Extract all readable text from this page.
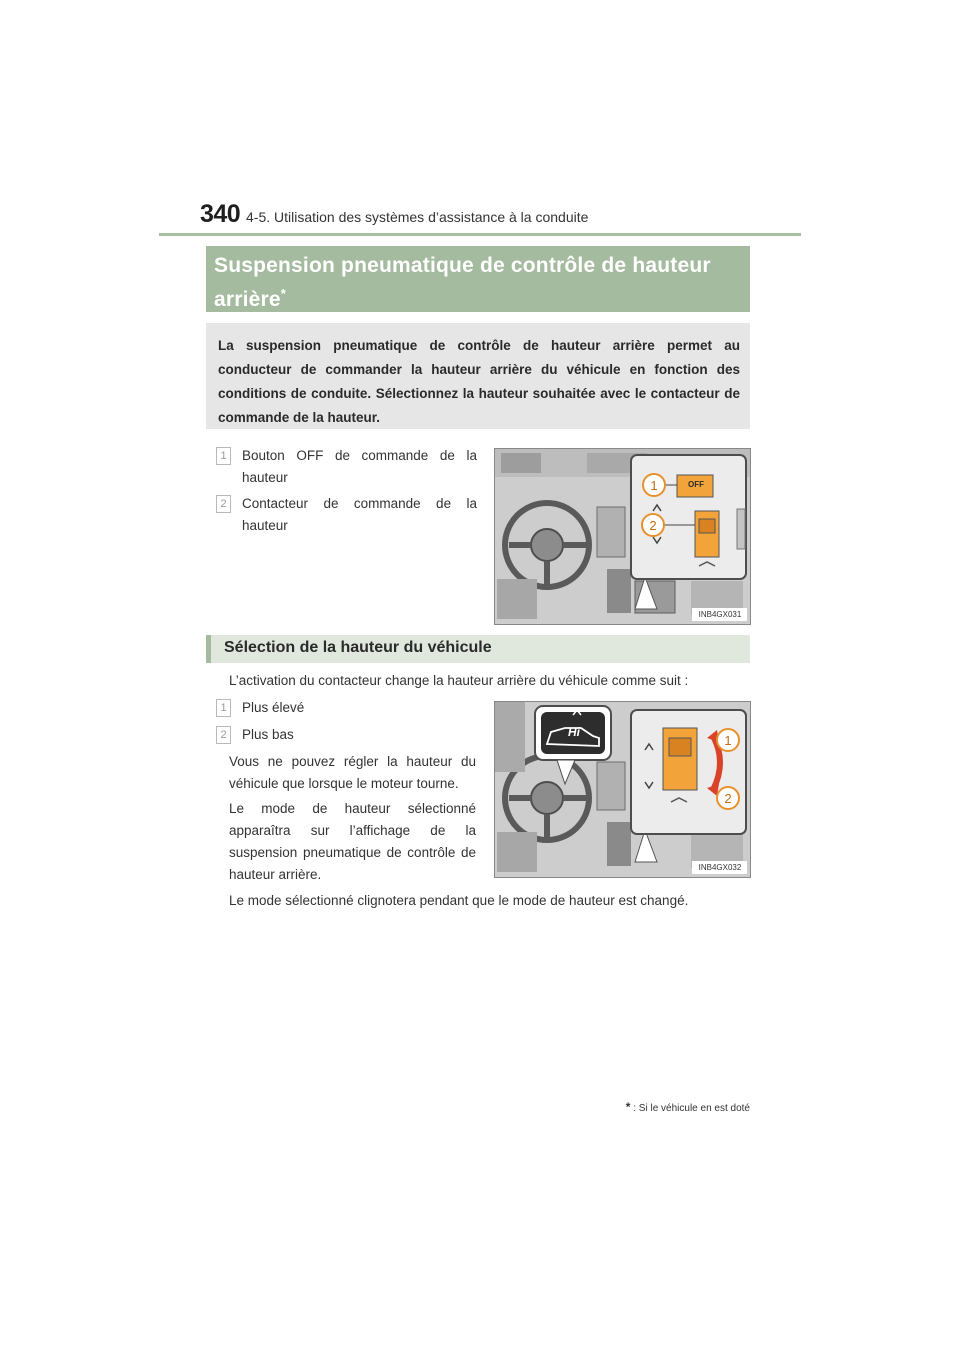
340 4-5. Utilisation des systèmes d’assistance à la conduite
Suspension pneumatique de contrôle de hauteur arrière*
La suspension pneumatique de contrôle de hauteur arrière permet au conducteur de commander la hauteur arrière du véhicule en fonction des conditions de conduite. Sélectionnez la hauteur souhaitée avec le contacteur de commande de la hauteur.
1	Bouton OFF de commande de la hauteur
2	Contacteur de commande de la hauteur
OFF
1
2
INB4GX031
Sélection de la hauteur du véhicule
L’activation du contacteur change la hauteur arrière du véhicule comme suit :
1	Plus élevé
2	Plus bas
Vous ne pouvez régler la hauteur du véhicule que lorsque le moteur tourne.
Le mode de hauteur sélectionné apparaîtra sur l’affichage de la suspension pneumatique de contrôle de hauteur arrière.
Le mode sélectionné clignotera pendant que le mode de hauteur est changé.
Hi
1
2
INB4GX032
* : Si le véhicule en est doté
